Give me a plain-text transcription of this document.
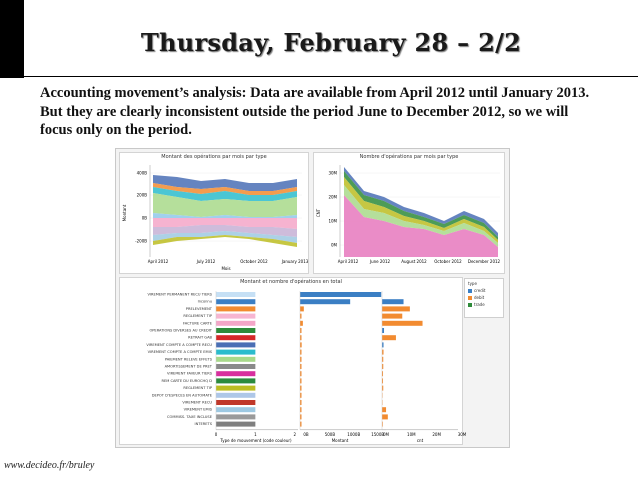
Thursday, February 28 – 2/2
Accounting movement’s analysis: Data are available from April 2012 until January 2013. But they are clearly inconsistent outside the period June to December 2012, so we will focus only on the period.
Montant des opérations par mois par type
400B
200B
0B
-200B
Montant
April 2012	July 2012	October 2012	January 2013
Mois
Nombre d'opérations par mois par type
30M
20M
10M
0M
CNT
April 2012	June 2012	August 2012 October 2012 December 2012
Montant et nombre d'opérations en total
VIREMENT PERMANENT RECU TIERS
Inconnu
PRELEVEMENT
REGLEMENT TIP
FACTURE CARTE
OPERATIONS DIVERSES AU CREDIT
RETRAIT GAB
VIREMENT COMPTE A COMPTE RECU
VIREMENT COMPTE A COMPTE EMIS
PAIEMENT RELEVE EFFETS
AMORTISSEMENT DE PRET
VIREMENT FAVEUR TIERS
REM CARTE DU EUROCHQ D
REGLEMENT TIP
DEPOT D'ESPECES EN AUTOMATE
VIREMENT RECU
VIREMENT EMIS
COMMISS. TAXE INCLUSE
INTERETS
0	1	2 0B	500B	1000B	1500B
0M	10M	20M	30M
Type de mouvement (code couleur)	Montant	cnt
type
credit
debit
trade
www.decideo.fr/bruley
